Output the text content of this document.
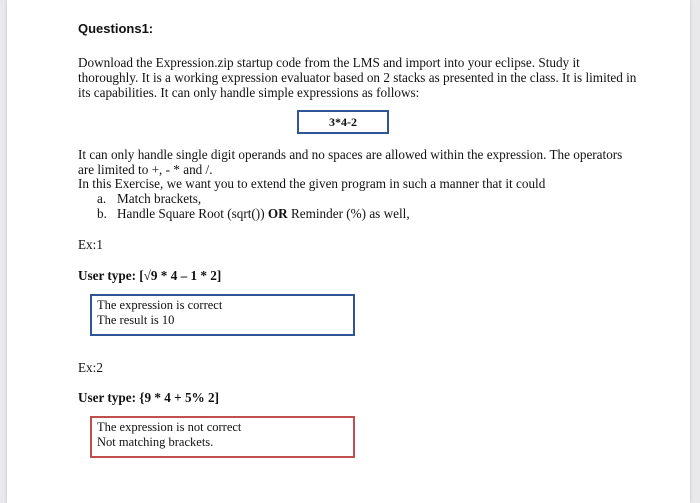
Questions1:

Download the Expression.zip startup code from the LMS and import into your eclipse. Study it thoroughly. It is a working expression evaluator based on 2 stacks as presented in the class. It is limited in its capabilities. It can only handle simple expressions as follows:

3*4-2

It can only handle single digit operands and no spaces are allowed within the expression. The operators are limited to +, - * and /.

In this Exercise, we want you to extend the given program in such a manner that it could

a. Match brackets,
b. Handle Square Root (sqrt()) OR Reminder (%) as well,

Ex:1

User type: [√9 * 4 – 1 * 2]

The expression is correct
The result is 10

Ex:2

User type: {9 * 4 + 5% 2]

The expression is not correct
Not matching brackets.
